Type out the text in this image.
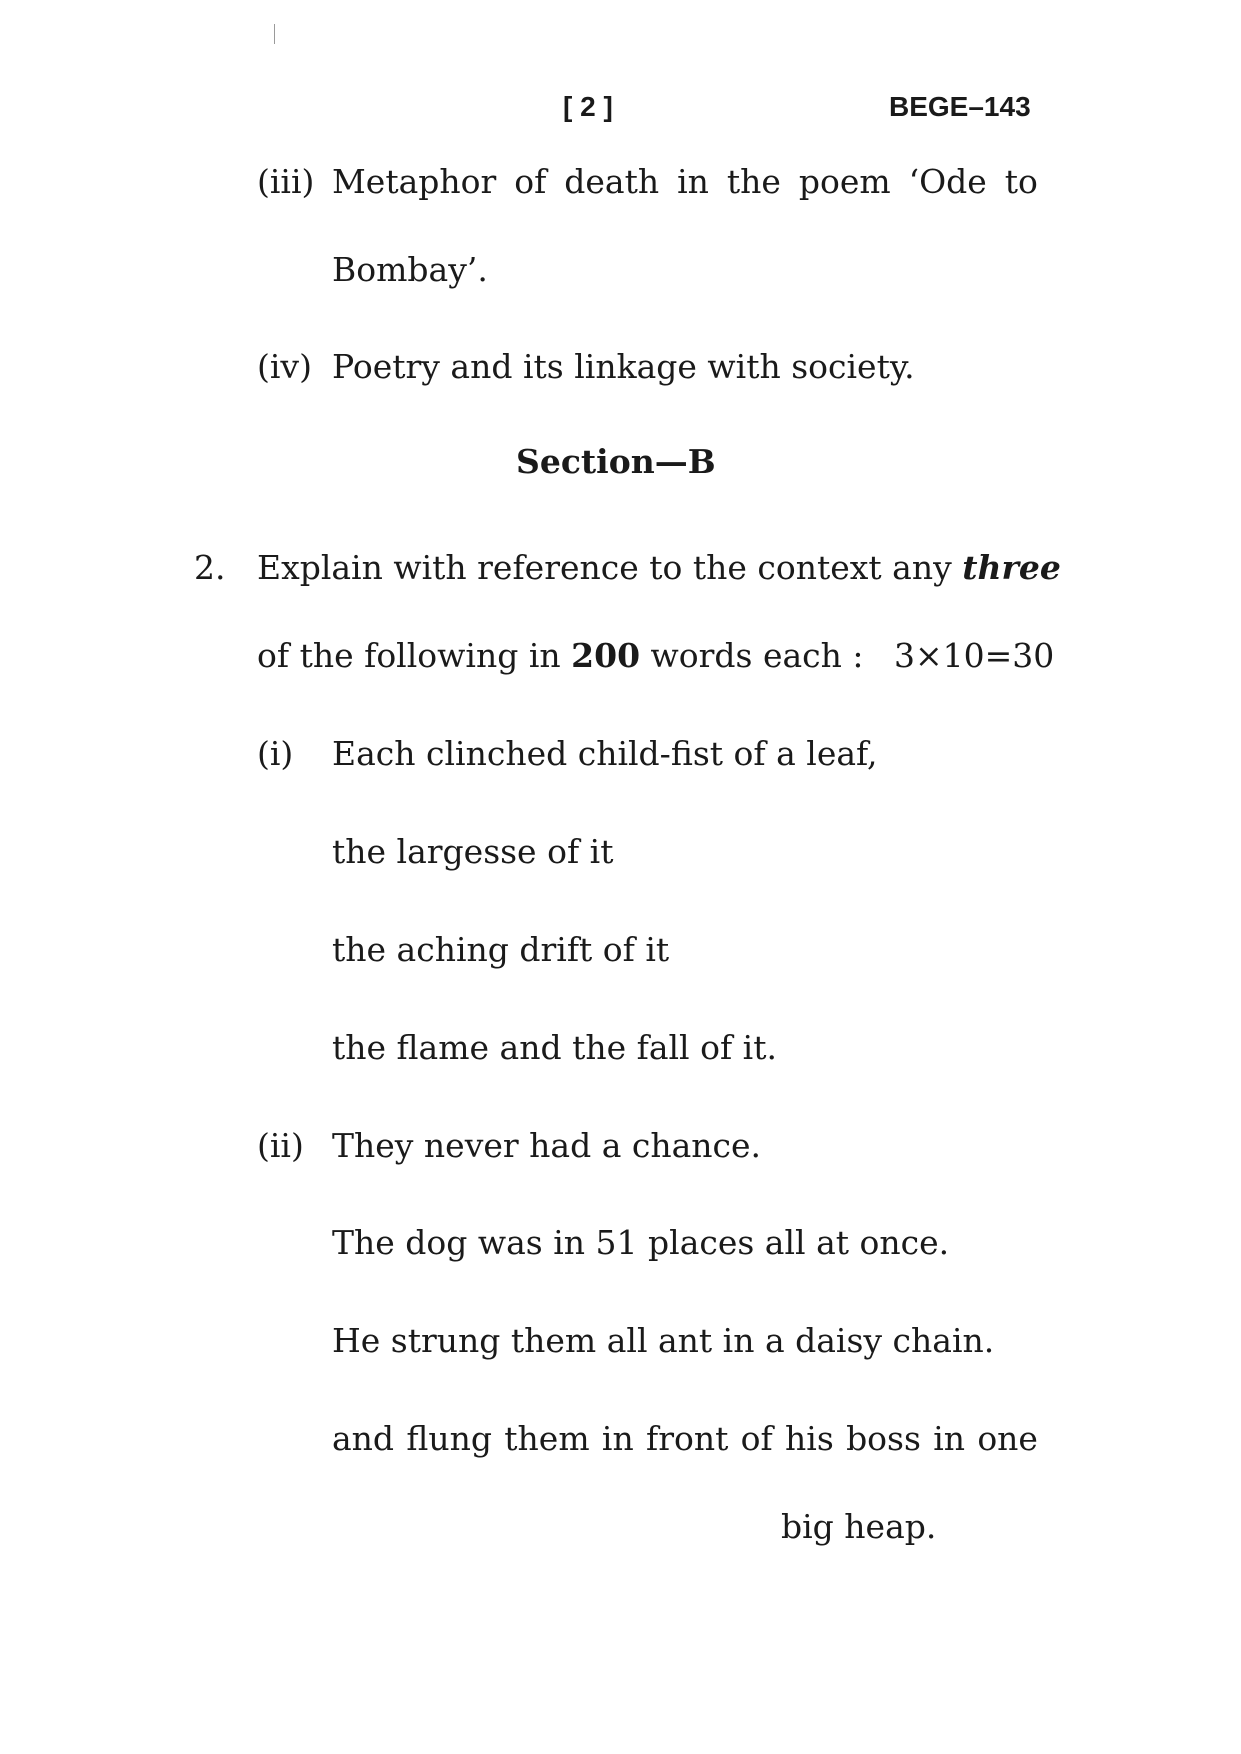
[ 2 ]	BEGE–143
(iii) Metaphor of death in the poem ‘Ode to
Bombay’.
(iv) Poetry and its linkage with society.
Section—B
2. Explain with reference to the context any three
of the following in 200 words each : 3×10=30
(i) Each clinched child-fist of a leaf,
the largesse of it
the aching drift of it
the flame and the fall of it.
(ii) They never had a chance.
The dog was in 51 places all at once.
He strung them all ant in a daisy chain.
and flung them in front of his boss in one
big heap.
